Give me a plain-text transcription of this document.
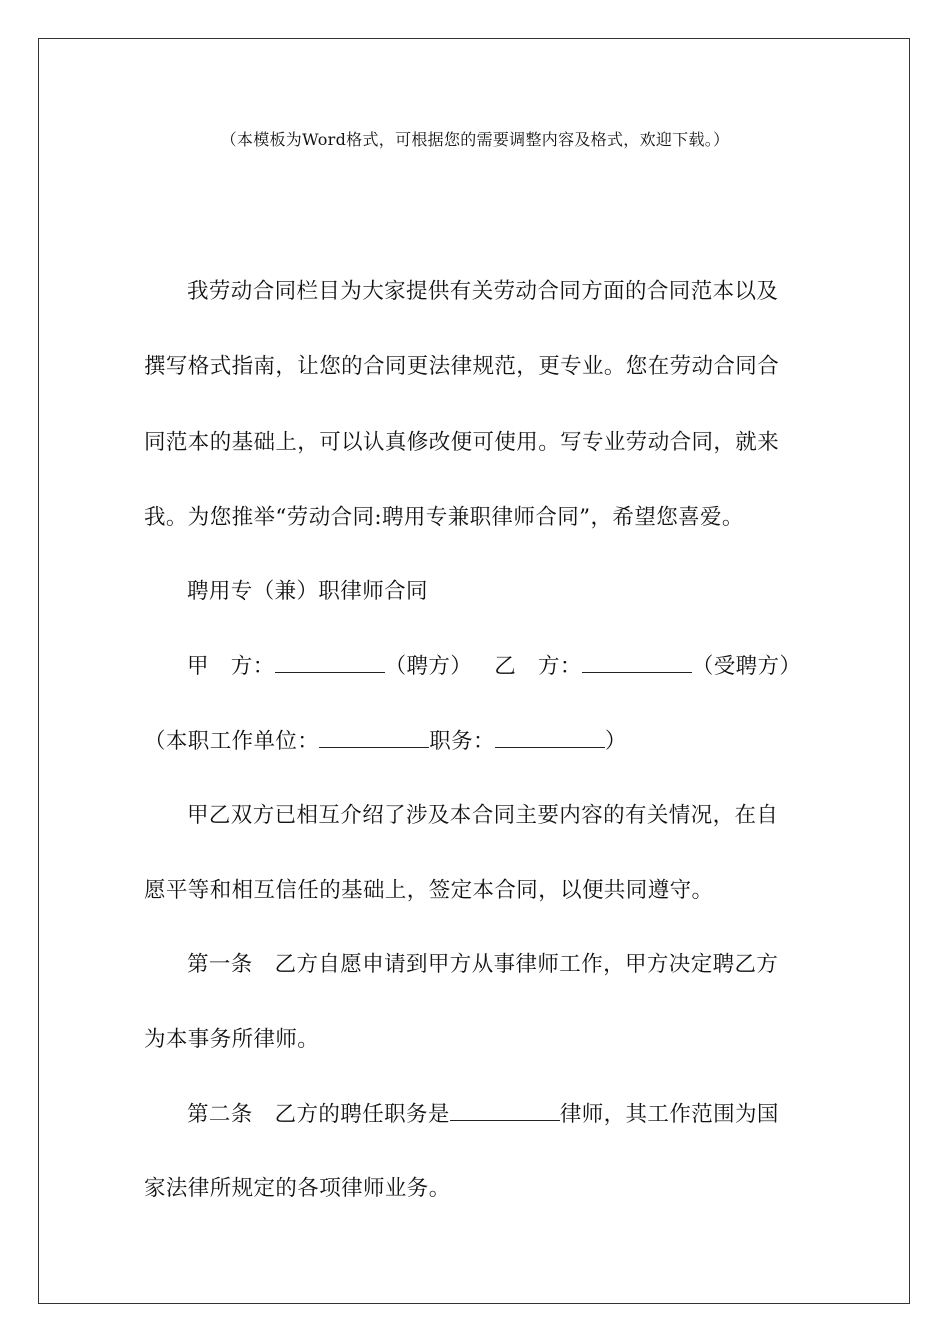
（本模板为Word格式，可根据您的需要调整内容及格式，欢迎下载。）
我劳动合同栏目为大家提供有关劳动合同方面的合同范本以及
撰写格式指南，让您的合同更法律规范，更专业。您在劳动合同合
同范本的基础上，可以认真修改便可使用。写专业劳动合同，就来
我。为您推举“劳动合同:聘用专兼职律师合同”，希望您喜爱。
聘用专（兼）职律师合同
甲　方：	（聘方） 乙　方：	（受聘方）
（本职工作单位：	职务：	）
甲乙双方已相互介绍了涉及本合同主要内容的有关情况，在自
愿平等和相互信任的基础上，签定本合同，以便共同遵守。
第一条　乙方自愿申请到甲方从事律师工作，甲方决定聘乙方
为本事务所律师。
第二条　乙方的聘任职务是	律师，其工作范围为国
家法律所规定的各项律师业务。
